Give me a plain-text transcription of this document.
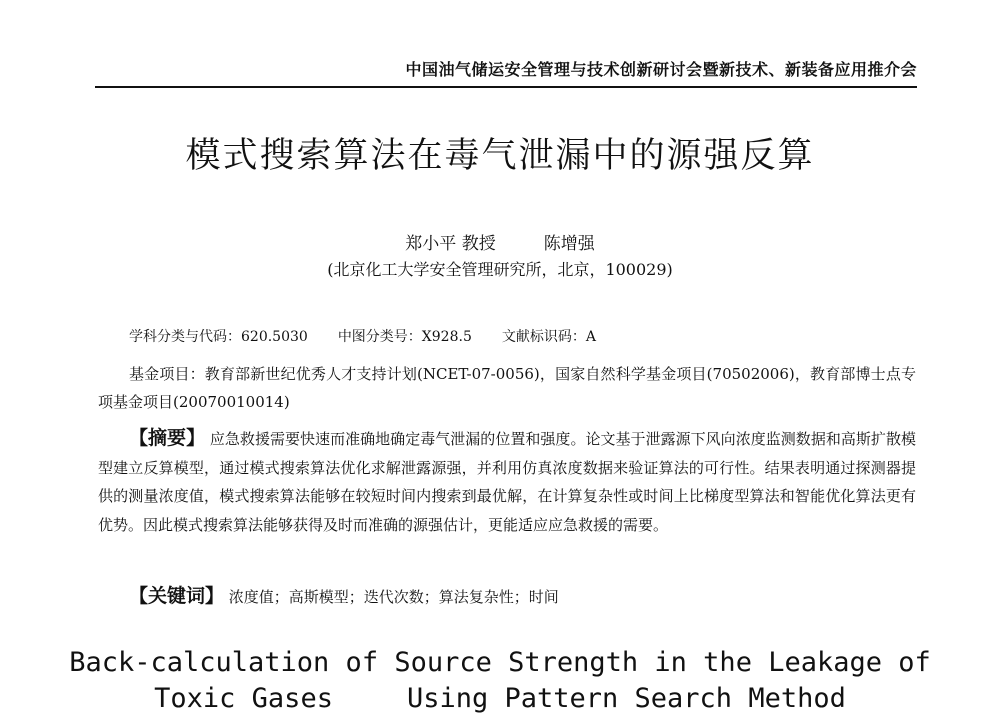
中国油气储运安全管理与技术创新研讨会暨新技术、新装备应用推介会
模式搜索算法在毒气泄漏中的源强反算
郑小平 教授	陈增强
(北京化工大学安全管理研究所，北京，100029)
学科分类与代码：620.5030 中图分类号：X928.5 文献标识码：A

基金项目：教育部新世纪优秀人才支持计划(NCET-07-0056)，国家自然科学基金项目(70502006)，教育部博士点专项基金项目(20070010014)

【摘要】 应急救援需要快速而准确地确定毒气泄漏的位置和强度。论文基于泄露源下风向浓度监测数据和高斯扩散模型建立反算模型，通过模式搜索算法优化求解泄露源强，并利用仿真浓度数据来验证算法的可行性。结果表明通过探测器提供的测量浓度值，模式搜索算法能够在较短时间内搜索到最优解，在计算复杂性或时间上比梯度型算法和智能优化算法更有优势。因此模式搜索算法能够获得及时而准确的源强估计，更能适应应急救援的需要。

【关键词】 浓度值；高斯模型；迭代次数；算法复杂性；时间
Back-calculation of Source Strength in the Leakage of
Toxic Gases	Using Pattern Search Method
